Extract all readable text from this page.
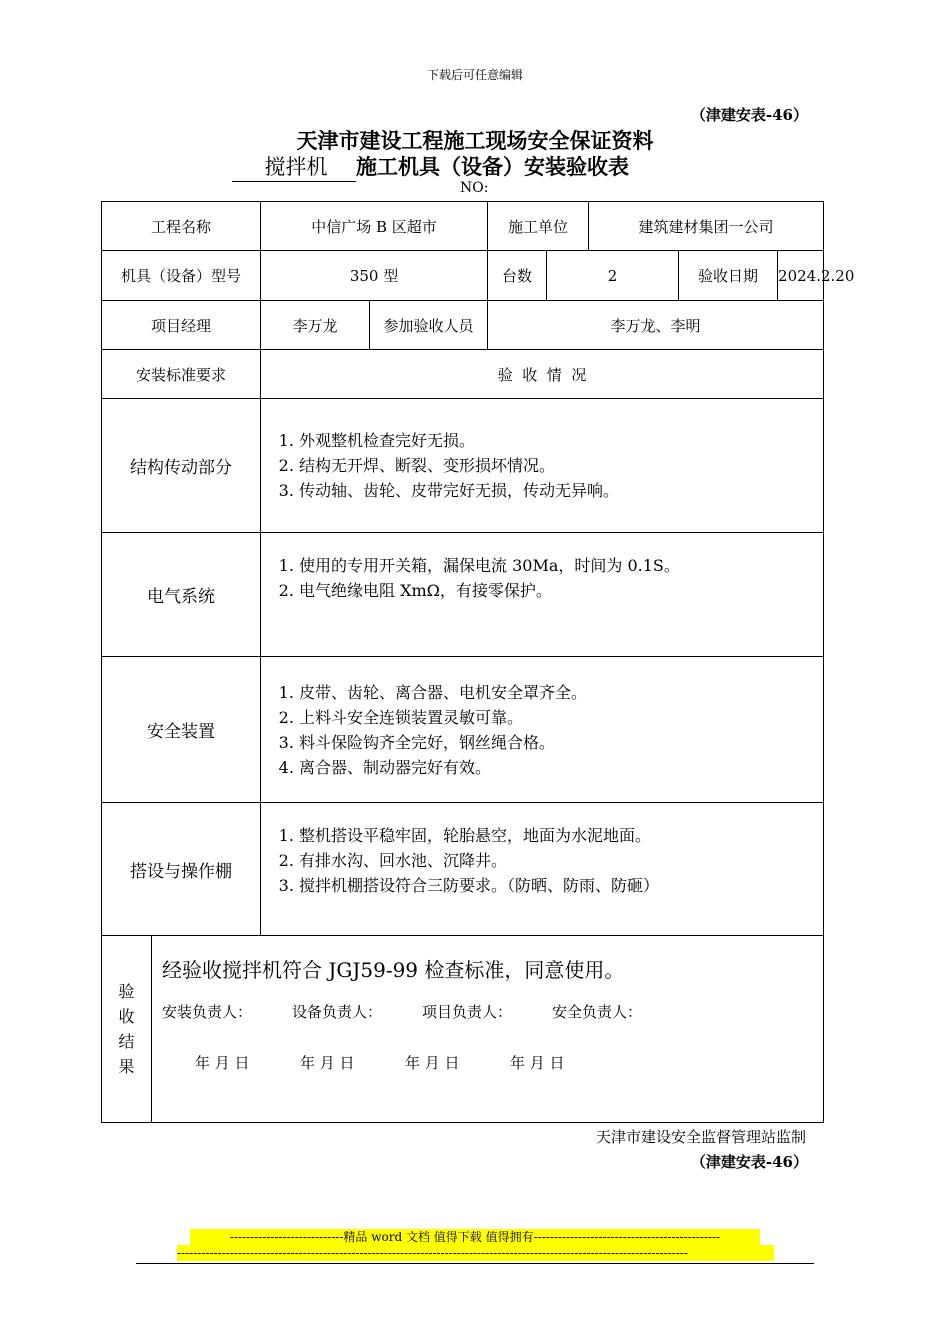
下载后可任意编辑
（津建安表-46）
天津市建设工程施工现场安全保证资料
搅拌机 施工机具（设备）安装验收表
NO:
工程名称	中信广场 B 区超市	施工单位	建筑建材集团一公司
机具（设备）型号	350 型	台数	2		验收日期	2024.2.20

项目经理	李万龙	参加验收人员	李万龙、李明
安装标准要求	验  收  情  况
结构传动部分	
1. 外观整机检查完好无损。
2. 结构无开焊、断裂、变形损坏情况。
3. 传动轴、齿轮、皮带完好无损，传动无异响。

电气系统	
1. 使用的专用开关箱，漏保电流 30Ma，时间为 0.1S。
2. 电气绝缘电阻 XmΩ，有接零保护。

安全装置	
1. 皮带、齿轮、离合器、电机安全罩齐全。
2. 上料斗安全连锁装置灵敏可靠。
3. 料斗保险钩齐全完好，钢丝绳合格。
4. 离合器、制动器完好有效。

搭设与操作棚	
1. 整机搭设平稳牢固，轮胎悬空，地面为水泥地面。
2. 有排水沟、回水池、沉降井。
3. 搅拌机棚搭设符合三防要求。（防晒、防雨、防砸）

验
收
结
果

经验收搅拌机符合 JGJ59-99 检查标准，同意使用。
安装负责人：	设备负责人：	项目负责人：	安全负责人：
年 月 日	年 月 日	年 月 日	年 月 日
天津市建设安全监督管理站监制
（津建安表-46）
----------------------------精品 word 文档 值得下载 值得拥有----------------------------------------------
------------------------------------------------------------------------------------------------------------------------------
